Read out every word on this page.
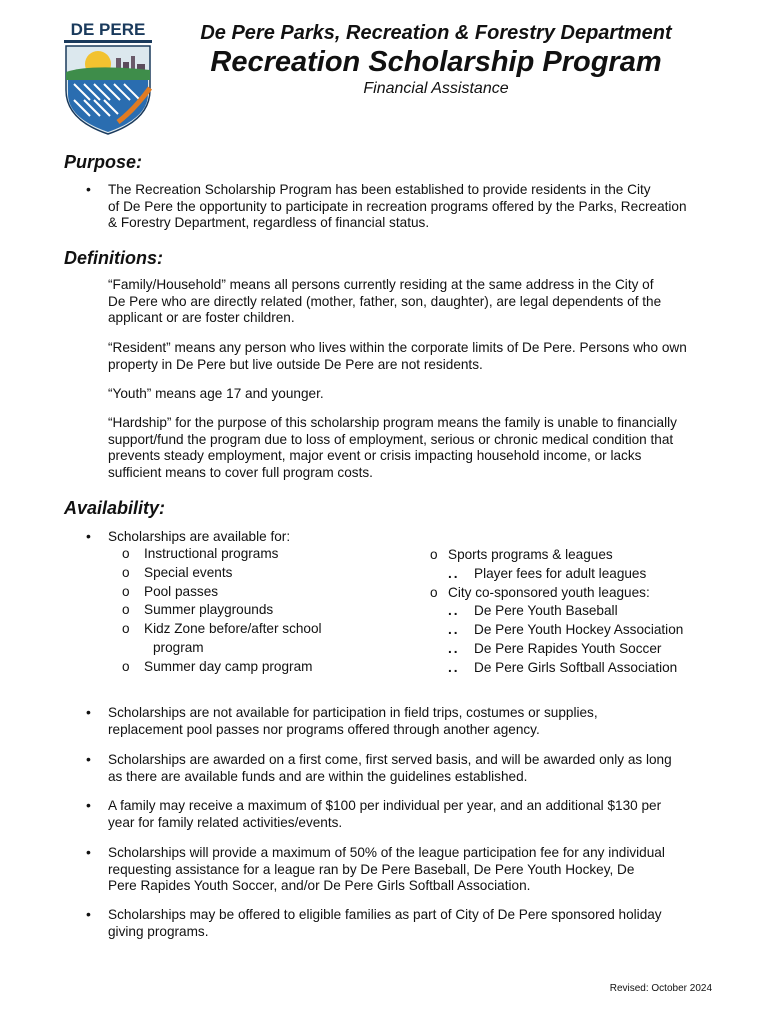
DE PERE	De Pere Parks, Recreation & Forestry Department
Recreation Scholarship Program
Financial Assistance
Purpose:
• The Recreation Scholarship Program has been established to provide residents in the City
of De Pere the opportunity to participate in recreation programs offered by the Parks, Recreation
& Forestry Department, regardless of financial status.
Definitions:
“Family/Household” means all persons currently residing at the same address in the City of
De Pere who are directly related (mother, father, son, daughter), are legal dependents of the
applicant or are foster children.
“Resident” means any person who lives within the corporate limits of De Pere. Persons who own
property in De Pere but live outside De Pere are not residents.
“Youth” means age 17 and younger.
“Hardship” for the purpose of this scholarship program means the family is unable to financially
support/fund the program due to loss of employment, serious or chronic medical condition that
prevents steady employment, major event or crisis impacting household income, or lacks
sufficient means to cover full program costs.
Availability:
• Scholarships are available for:
o Instructional programs
o Special events
o Pool passes
o Summer playgrounds
o Kidz Zone before/after school
program
o Summer day camp program
o Sports programs & leagues
.. Player fees for adult leagues
o City co-sponsored youth leagues:
.. De Pere Youth Baseball
.. De Pere Youth Hockey Association
.. De Pere Rapides Youth Soccer
.. De Pere Girls Softball Association
• Scholarships are not available for participation in field trips, costumes or supplies,
replacement pool passes nor programs offered through another agency.
• Scholarships are awarded on a first come, first served basis, and will be awarded only as long
as there are available funds and are within the guidelines established.
• A family may receive a maximum of $100 per individual per year, and an additional $130 per
year for family related activities/events.
• Scholarships will provide a maximum of 50% of the league participation fee for any individual
requesting assistance for a league ran by De Pere Baseball, De Pere Youth Hockey, De
Pere Rapides Youth Soccer, and/or De Pere Girls Softball Association.
• Scholarships may be offered to eligible families as part of City of De Pere sponsored holiday
giving programs.
Revised: October 2024
